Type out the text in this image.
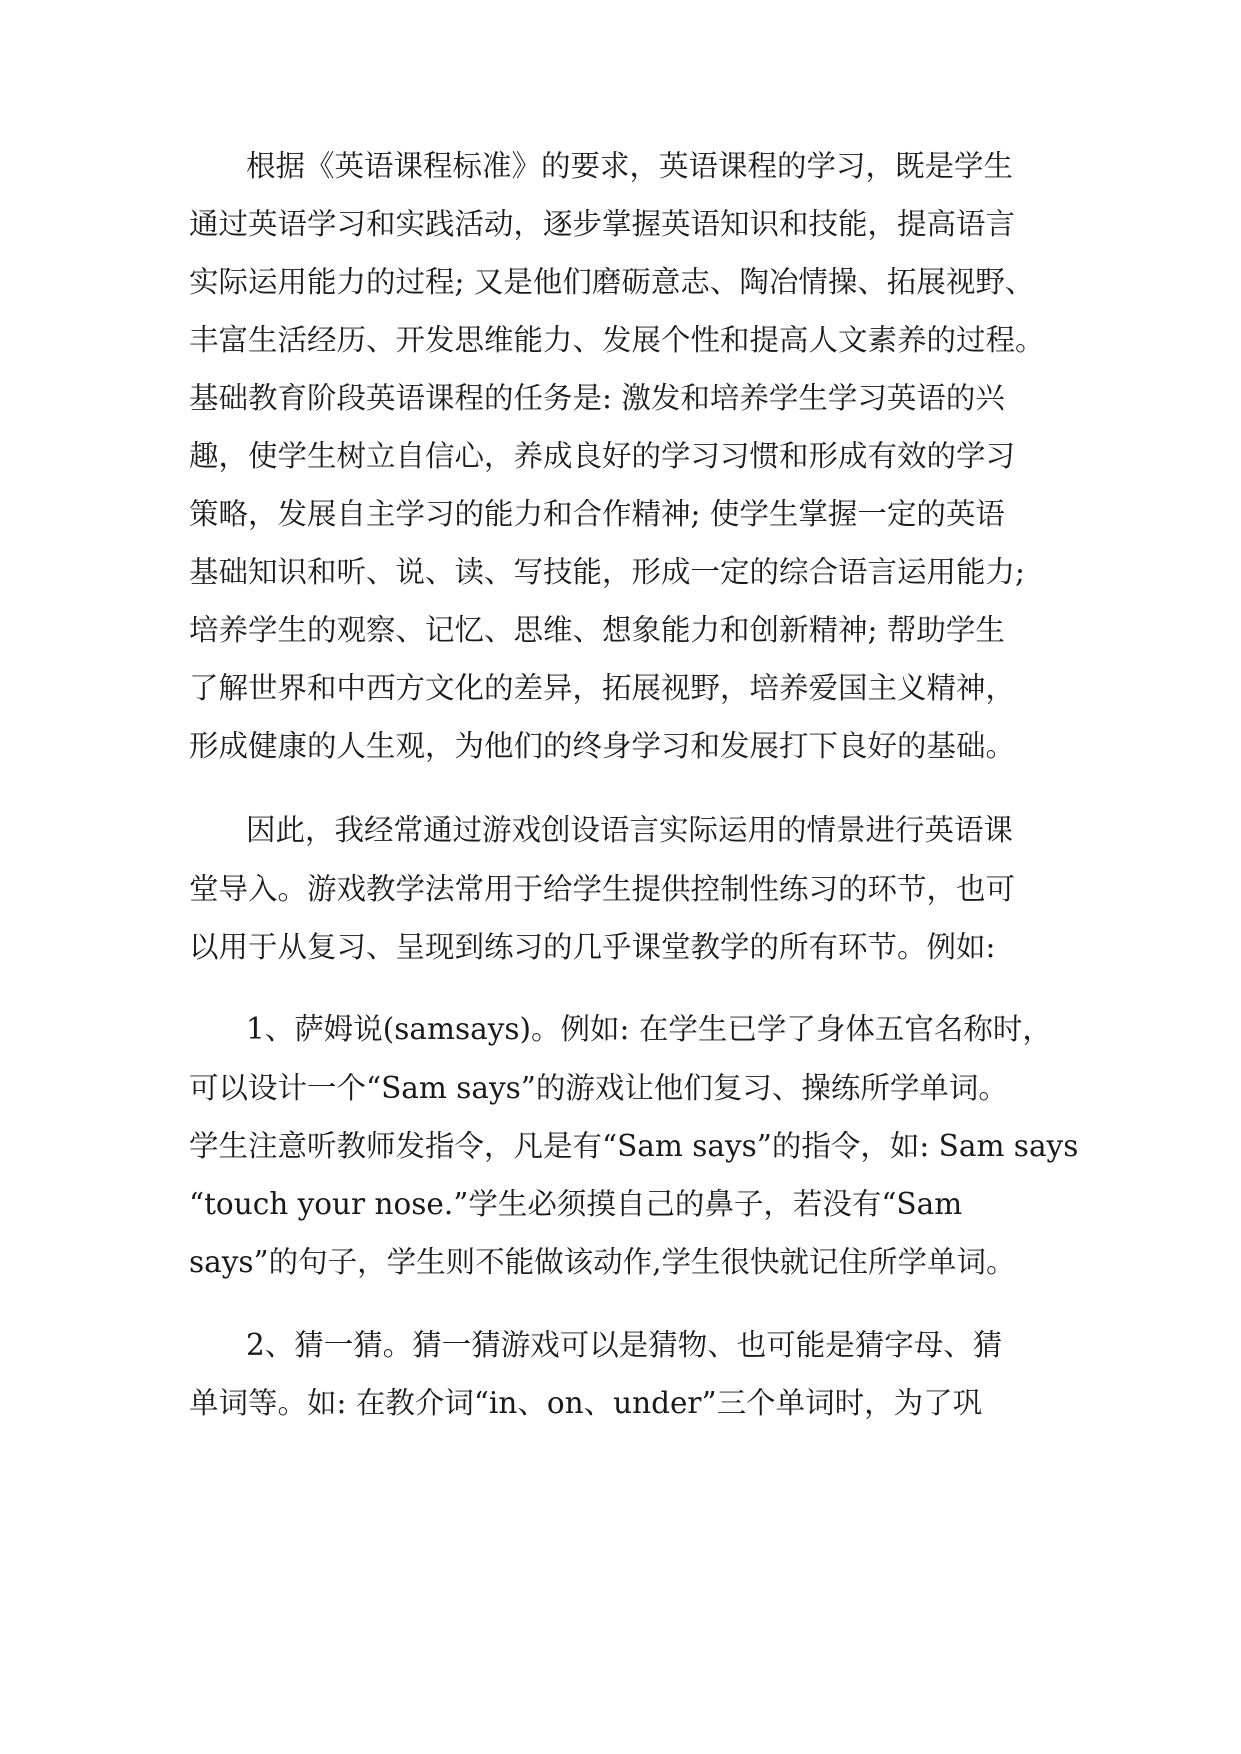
根据《英语课程标准》的要求，英语课程的学习，既是学生
通过英语学习和实践活动，逐步掌握英语知识和技能，提高语言
实际运用能力的过程; 又是他们磨砺意志、陶冶情操、拓展视野、
丰富生活经历、开发思维能力、发展个性和提高人文素养的过程。
基础教育阶段英语课程的任务是: 激发和培养学生学习英语的兴
趣，使学生树立自信心，养成良好的学习习惯和形成有效的学习
策略，发展自主学习的能力和合作精神; 使学生掌握一定的英语
基础知识和听、说、读、写技能，形成一定的综合语言运用能力;
培养学生的观察、记忆、思维、想象能力和创新精神; 帮助学生
了解世界和中西方文化的差异，拓展视野，培养爱国主义精神，
形成健康的人生观，为他们的终身学习和发展打下良好的基础。
因此，我经常通过游戏创设语言实际运用的情景进行英语课
堂导入。游戏教学法常用于给学生提供控制性练习的环节，也可
以用于从复习、呈现到练习的几乎课堂教学的所有环节。例如:
1、萨姆说(samsays)。例如: 在学生已学了身体五官名称时，
可以设计一个“Sam says”的游戏让他们复习、操练所学单词。
学生注意听教师发指令，凡是有“Sam says”的指令，如: Sam says
“touch your nose.”学生必须摸自己的鼻子，若没有“Sam
says”的句子，学生则不能做该动作,学生很快就记住所学单词。
2、猜一猜。猜一猜游戏可以是猜物、也可能是猜字母、猜
单词等。如: 在教介词“in、on、under”三个单词时，为了巩
